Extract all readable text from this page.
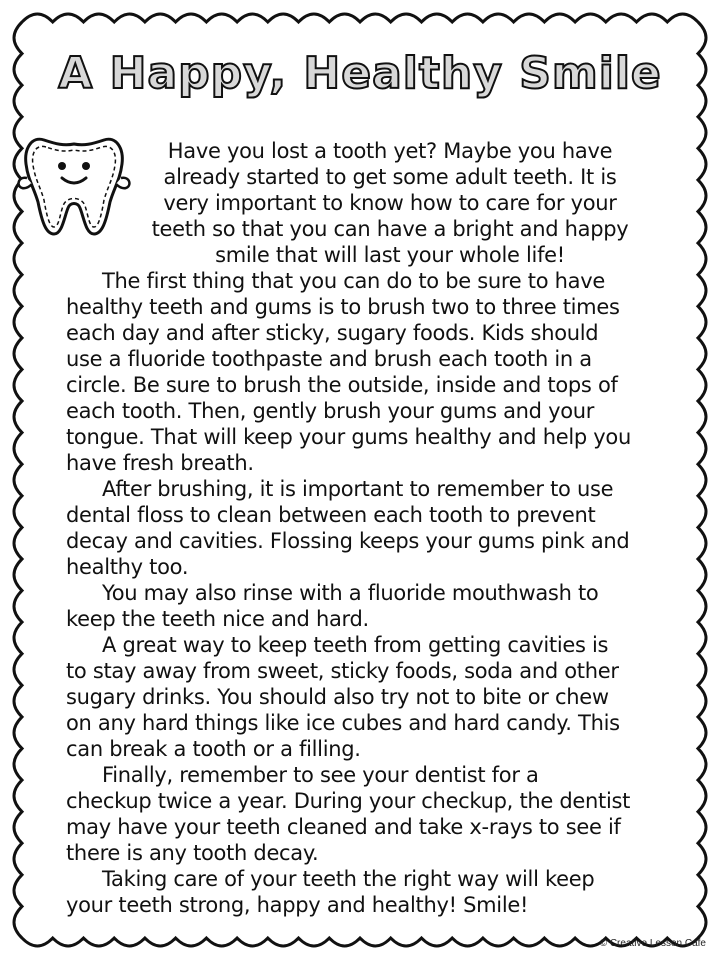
A Happy, Healthy Smile
Have you lost a tooth yet? Maybe you have
already started to get some adult teeth. It is
very important to know how to care for your
teeth so that you can have a bright and happy
smile that will last your whole life!
The first thing that you can do to be sure to have
healthy teeth and gums is to brush two to three times
each day and after sticky, sugary foods. Kids should
use a fluoride toothpaste and brush each tooth in a
circle. Be sure to brush the outside, inside and tops of
each tooth. Then, gently brush your gums and your
tongue. That will keep your gums healthy and help you
have fresh breath.
After brushing, it is important to remember to use
dental floss to clean between each tooth to prevent
decay and cavities. Flossing keeps your gums pink and
healthy too.
You may also rinse with a fluoride mouthwash to
keep the teeth nice and hard.
A great way to keep teeth from getting cavities is
to stay away from sweet, sticky foods, soda and other
sugary drinks. You should also try not to bite or chew
on any hard things like ice cubes and hard candy. This
can break a tooth or a filling.
Finally, remember to see your dentist for a
checkup twice a year. During your checkup, the dentist
may have your teeth cleaned and take x-rays to see if
there is any tooth decay.
Taking care of your teeth the right way will keep
your teeth strong, happy and healthy! Smile!
© Creative Lesson Cafe
